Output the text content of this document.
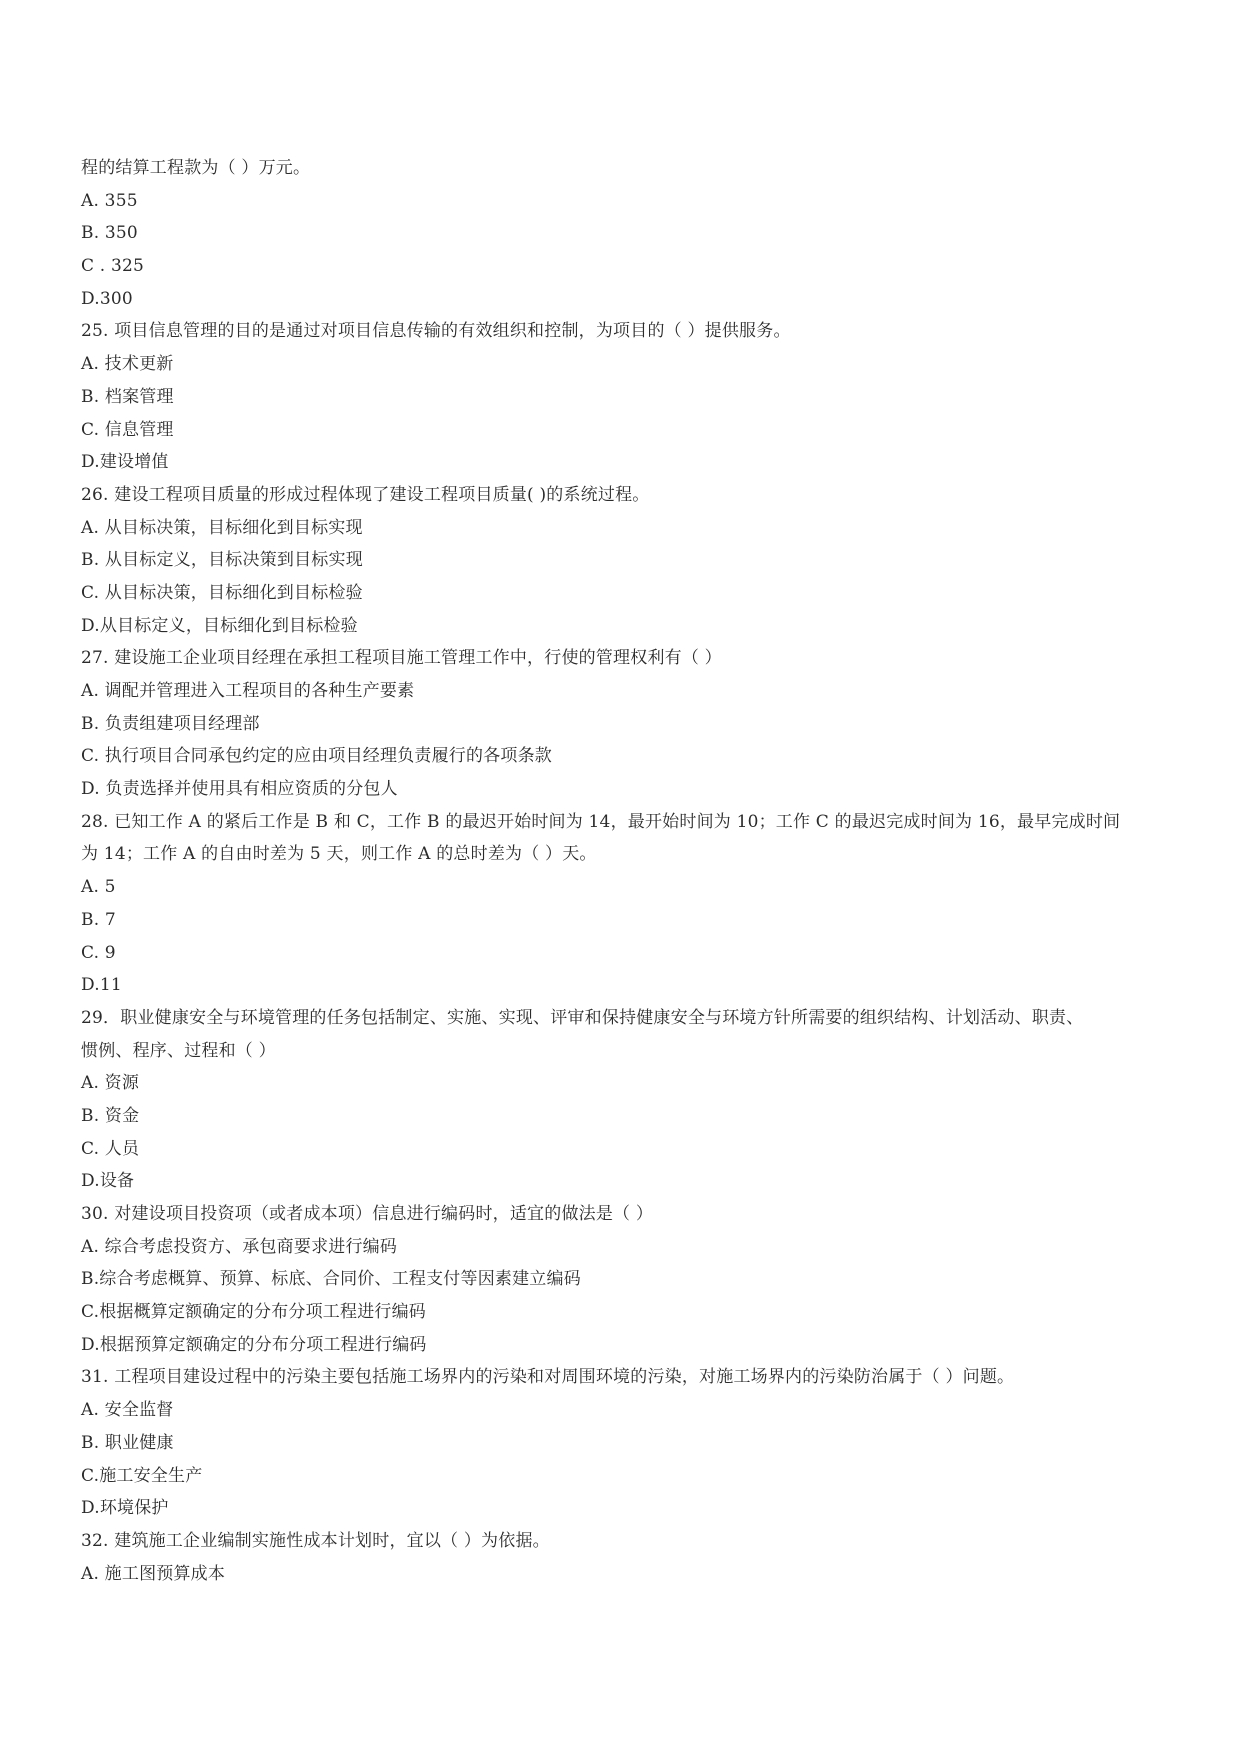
程的结算工程款为（ ）万元。
A. 355
B. 350
C . 325
D.300
25. 项目信息管理的目的是通过对项目信息传输的有效组织和控制，为项目的（ ）提供服务。
A. 技术更新
B. 档案管理
C. 信息管理
D.建设增值
26. 建设工程项目质量的形成过程体现了建设工程项目质量( )的系统过程。
A. 从目标决策，目标细化到目标实现
B. 从目标定义，目标决策到目标实现
C. 从目标决策，目标细化到目标检验
D.从目标定义，目标细化到目标检验
27. 建设施工企业项目经理在承担工程项目施工管理工作中，行使的管理权利有（ ）
A. 调配并管理进入工程项目的各种生产要素
B. 负责组建项目经理部
C. 执行项目合同承包约定的应由项目经理负责履行的各项条款
D. 负责选择并使用具有相应资质的分包人
28. 已知工作 A 的紧后工作是 B 和 C，工作 B 的最迟开始时间为 14，最开始时间为 10；工作 C 的最迟完成时间为 16，最早完成时间
为 14；工作 A 的自由时差为 5 天，则工作 A 的总时差为（ ）天。
A. 5
B. 7
C. 9
D.11
29．职业健康安全与环境管理的任务包括制定、实施、实现、评审和保持健康安全与环境方针所需要的组织结构、计划活动、职责、
惯例、程序、过程和（ ）
A. 资源
B. 资金
C. 人员
D.设备
30. 对建设项目投资项（或者成本项）信息进行编码时，适宜的做法是（ ）
A. 综合考虑投资方、承包商要求进行编码
B.综合考虑概算、预算、标底、合同价、工程支付等因素建立编码
C.根据概算定额确定的分布分项工程进行编码
D.根据预算定额确定的分布分项工程进行编码
31. 工程项目建设过程中的污染主要包括施工场界内的污染和对周围环境的污染，对施工场界内的污染防治属于（ ）问题。
A. 安全监督
B. 职业健康
C.施工安全生产
D.环境保护
32. 建筑施工企业编制实施性成本计划时，宜以（ ）为依据。
A. 施工图预算成本
